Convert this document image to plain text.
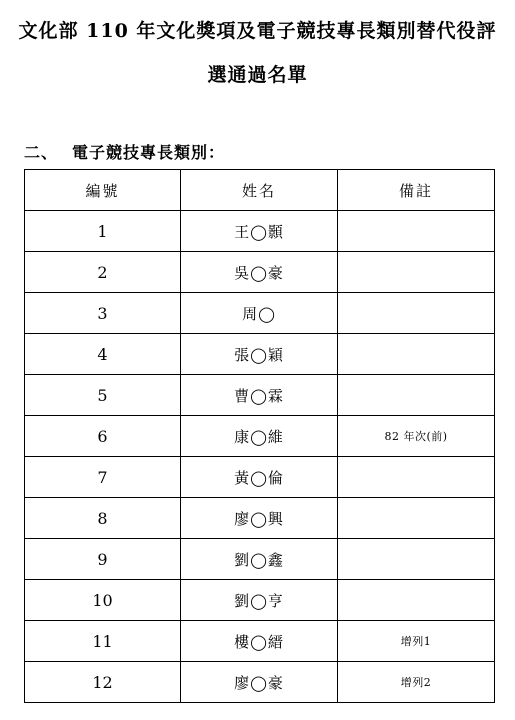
文化部 110 年文化獎項及電子競技專長類別替代役評
選通過名單
二、 電子競技專長類別：
編號	姓名	備註
1	王◯顥	
2	吳◯豪	
3	周◯	
4	張◯穎	
5	曹◯霖	
6	康◯維	82 年次(前)
7	黃◯倫	
8	廖◯興	
9	劉◯鑫	
10	劉◯亨	
11	樓◯縉	增列1
12	廖◯豪	增列2
